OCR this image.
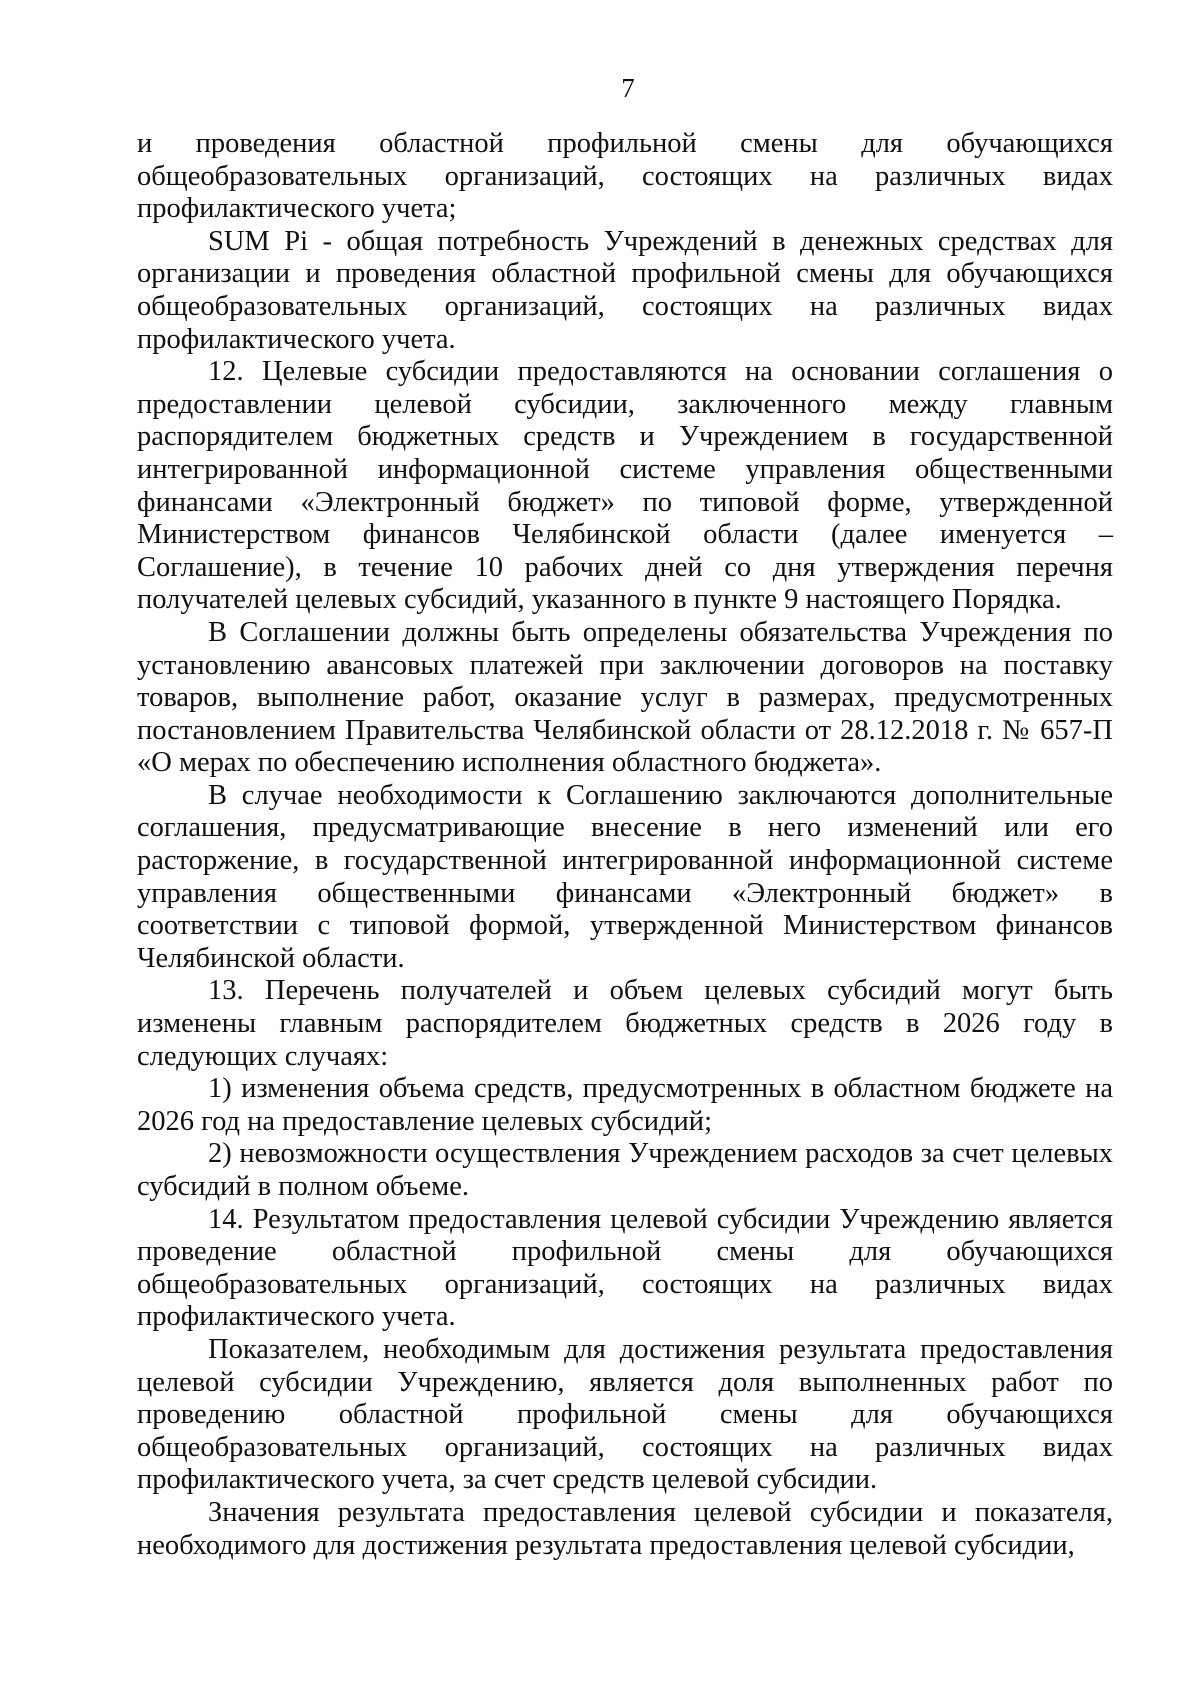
7

и проведения областной профильной смены для обучающихся общеобразовательных организаций, состоящих на различных видах профилактического учета;

SUM Pi - общая потребность Учреждений в денежных средствах для организации и проведения областной профильной смены для обучающихся общеобразовательных организаций, состоящих на различных видах профилактического учета.

12. Целевые субсидии предоставляются на основании соглашения о предоставлении целевой субсидии, заключенного между главным распорядителем бюджетных средств и Учреждением в государственной интегрированной информационной системе управления общественными финансами «Электронный бюджет» по типовой форме, утвержденной Министерством финансов Челябинской области (далее именуется – Соглашение), в течение 10 рабочих дней со дня утверждения перечня получателей целевых субсидий, указанного в пункте 9 настоящего Порядка.

В Соглашении должны быть определены обязательства Учреждения по установлению авансовых платежей при заключении договоров на поставку товаров, выполнение работ, оказание услуг в размерах, предусмотренных постановлением Правительства Челябинской области от 28.12.2018 г. № 657-П «О мерах по обеспечению исполнения областного бюджета».

В случае необходимости к Соглашению заключаются дополнительные соглашения, предусматривающие внесение в него изменений или его расторжение, в государственной интегрированной информационной системе управления общественными финансами «Электронный бюджет» в соответствии с типовой формой, утвержденной Министерством финансов Челябинской области.

13. Перечень получателей и объем целевых субсидий могут быть изменены главным распорядителем бюджетных средств в 2026 году в следующих случаях:

1) изменения объема средств, предусмотренных в областном бюджете на 2026 год на предоставление целевых субсидий;

2) невозможности осуществления Учреждением расходов за счет целевых субсидий в полном объеме.

14. Результатом предоставления целевой субсидии Учреждению является проведение областной профильной смены для обучающихся общеобразовательных организаций, состоящих на различных видах профилактического учета.

Показателем, необходимым для достижения результата предоставления целевой субсидии Учреждению, является доля выполненных работ по проведению областной профильной смены для обучающихся общеобразовательных организаций, состоящих на различных видах профилактического учета, за счет средств целевой субсидии.

Значения результата предоставления целевой субсидии и показателя, необходимого для достижения результата предоставления целевой субсидии,
